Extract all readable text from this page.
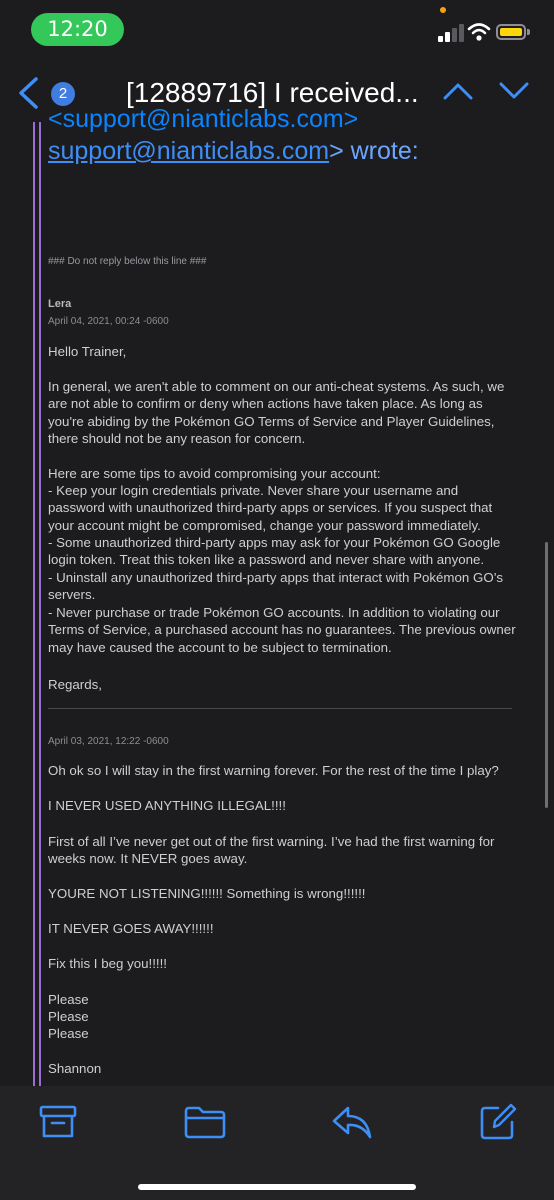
12:20
2 [12889716] I received...
<support@nianticlabs.com>
support@nianticlabs.com> wrote:
### Do not reply below this line ###
Lera
April 04, 2021, 00:24 -0600

Hello Trainer,

In general, we aren't able to comment on our anti-cheat systems. As such, we are not able to confirm or deny when actions have taken place. As long as you're abiding by the Pokémon GO Terms of Service and Player Guidelines, there should not be any reason for concern.

Here are some tips to avoid compromising your account:

- Keep your login credentials private. Never share your username and password with unauthorized third-party apps or services. If you suspect that your account might be compromised, change your password immediately.

- Some unauthorized third-party apps may ask for your Pokémon GO Google login token. Treat this token like a password and never share with anyone.

- Uninstall any unauthorized third-party apps that interact with Pokémon GO’s servers.

- Never purchase or trade Pokémon GO accounts. In addition to violating our Terms of Service, a purchased account has no guarantees. The previous owner may have caused the account to be subject to termination.

Regards,

April 03, 2021, 12:22 -0600

Oh ok so I will stay in the first warning forever. For the rest of the time I play?

I NEVER USED ANYTHING ILLEGAL!!!!

First of all I’ve never get out of the first warning. I’ve had the first warning for weeks now. It NEVER goes away.

YOURE NOT LISTENING!!!!!! Something is wrong!!!!!!

IT NEVER GOES AWAY!!!!!!

Fix this I beg you!!!!!

Please

Please

Please

Shannon
